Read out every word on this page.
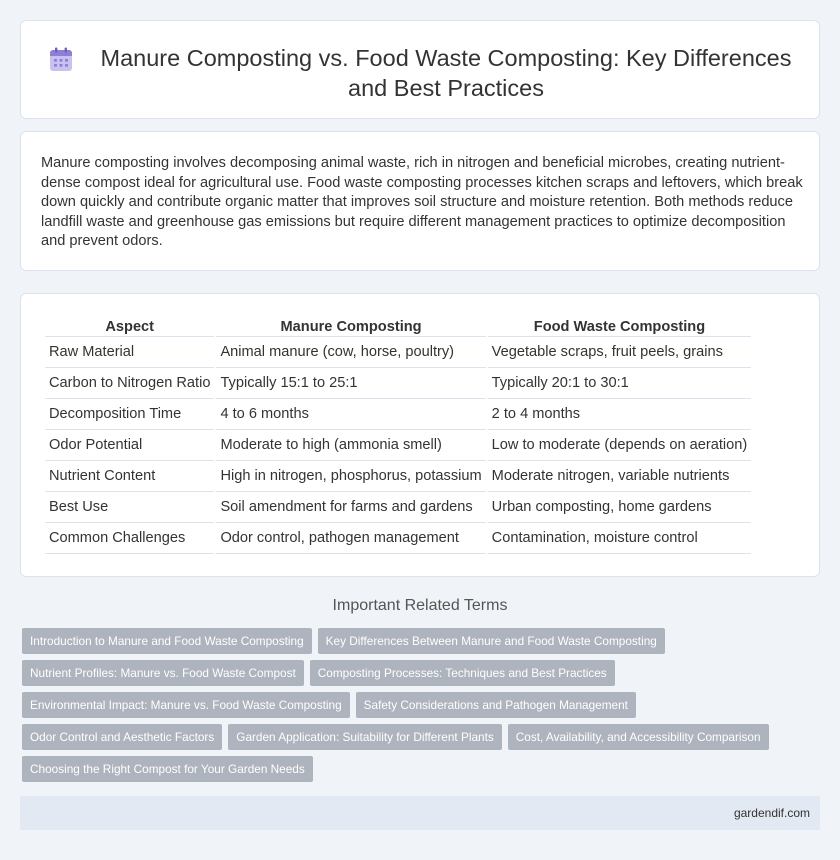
Manure Composting vs. Food Waste Composting: Key Differences and Best Practices

Manure composting involves decomposing animal waste, rich in nitrogen and beneficial microbes, creating nutrient-dense compost ideal for agricultural use. Food waste composting processes kitchen scraps and leftovers, which break down quickly and contribute organic matter that improves soil structure and moisture retention. Both methods reduce landfill waste and greenhouse gas emissions but require different management practices to optimize decomposition and prevent odors.

Aspect	Manure Composting	Food Waste Composting
Raw Material	Animal manure (cow, horse, poultry)	Vegetable scraps, fruit peels, grains
Carbon to Nitrogen Ratio	Typically 15:1 to 25:1	Typically 20:1 to 30:1
Decomposition Time	4 to 6 months	2 to 4 months
Odor Potential	Moderate to high (ammonia smell)	Low to moderate (depends on aeration)
Nutrient Content	High in nitrogen, phosphorus, potassium	Moderate nitrogen, variable nutrients
Best Use	Soil amendment for farms and gardens	Urban composting, home gardens
Common Challenges	Odor control, pathogen management	Contamination, moisture control
Important Related Terms
Introduction to Manure and Food Waste Composting	Key Differences Between Manure and Food Waste Composting
Nutrient Profiles: Manure vs. Food Waste Compost	Composting Processes: Techniques and Best Practices
Environmental Impact: Manure vs. Food Waste Composting	Safety Considerations and Pathogen Management
Odor Control and Aesthetic Factors	Garden Application: Suitability for Different Plants	Cost, Availability, and Accessibility Comparison
Choosing the Right Compost for Your Garden Needs
gardendif.com
